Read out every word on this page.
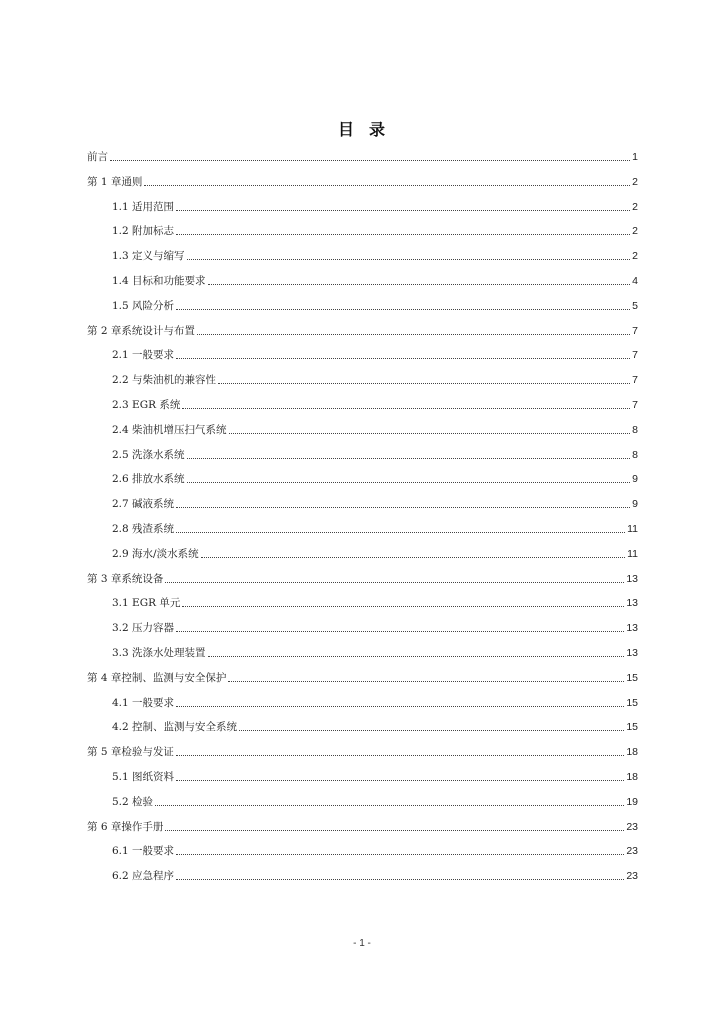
目 录
前言	1
第 1 章通则	2
1.1 适用范围	2
1.2 附加标志	2
1.3 定义与缩写	2
1.4 目标和功能要求	4
1.5 风险分析	5
第 2 章系统设计与布置	7
2.1 一般要求	7
2.2 与柴油机的兼容性	7
2.3 EGR 系统	7
2.4 柴油机增压扫气系统	8
2.5 洗涤水系统	8
2.6 排放水系统	9
2.7 碱液系统	9
2.8 残渣系统	11
2.9 海水/淡水系统	11
第 3 章系统设备	13
3.1 EGR 单元	13
3.2 压力容器	13
3.3 洗涤水处理装置	13
第 4 章控制、监测与安全保护	15
4.1 一般要求	15
4.2 控制、监测与安全系统	15
第 5 章检验与发证	18
5.1 图纸资料	18
5.2 检验	19
第 6 章操作手册	23
6.1 一般要求	23
6.2 应急程序	23
- 1 -
